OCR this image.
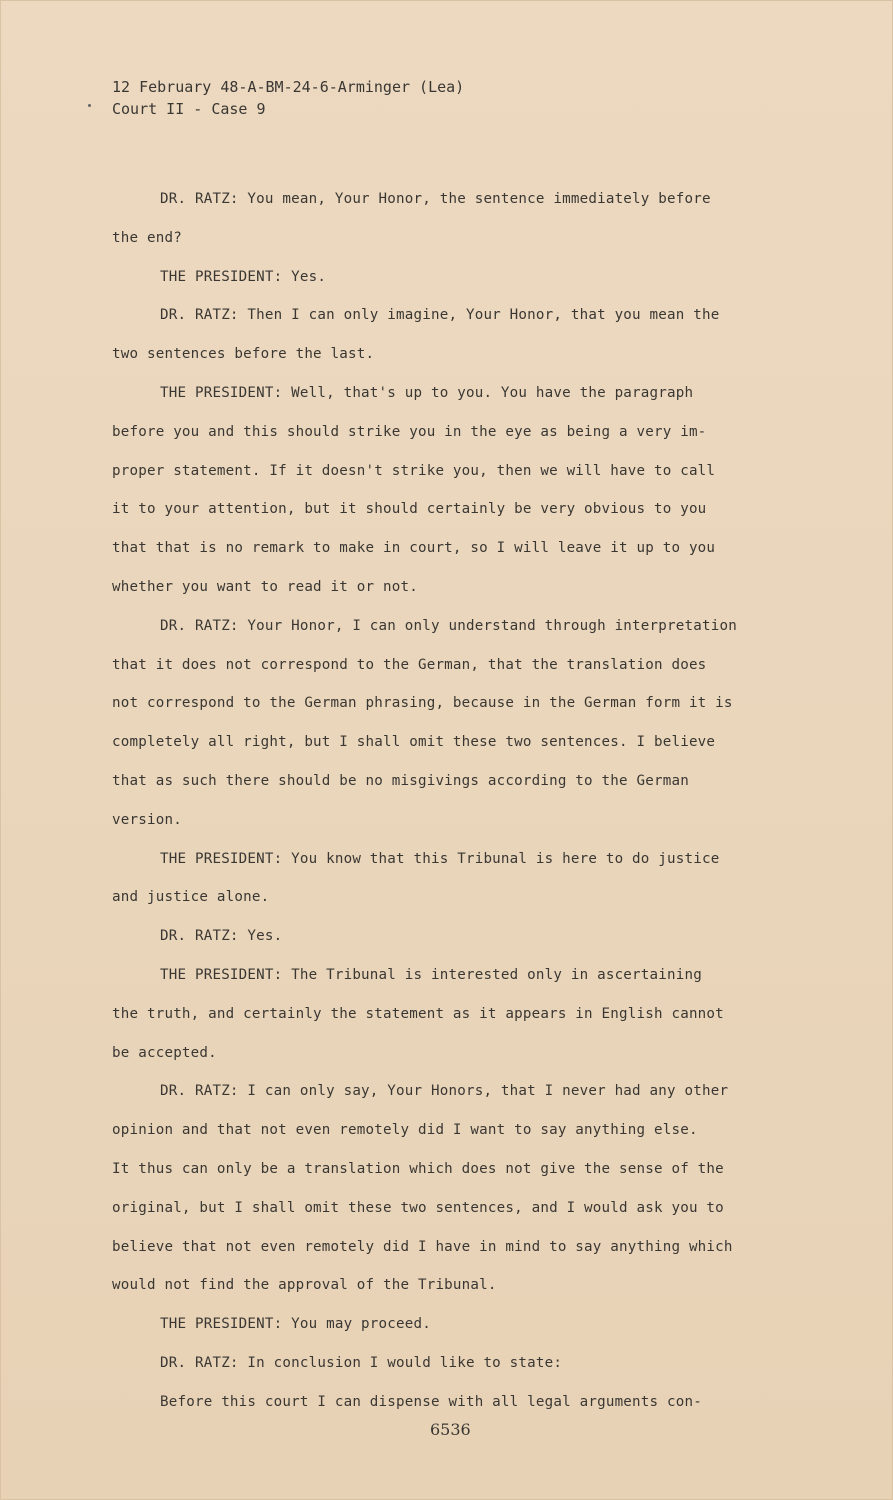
12 February 48-A-BM-24-6-Arminger (Lea)
Court II - Case 9
DR. RATZ: You mean, Your Honor, the sentence immediately before
the end?
THE PRESIDENT: Yes.
DR. RATZ: Then I can only imagine, Your Honor, that you mean the
two sentences before the last.
THE PRESIDENT: Well, that's up to you. You have the paragraph
before you and this should strike you in the eye as being a very im-
proper statement. If it doesn't strike you, then we will have to call
it to your attention, but it should certainly be very obvious to you
that that is no remark to make in court, so I will leave it up to you
whether you want to read it or not.
DR. RATZ: Your Honor, I can only understand through interpretation
that it does not correspond to the German, that the translation does
not correspond to the German phrasing, because in the German form it is
completely all right, but I shall omit these two sentences. I believe
that as such there should be no misgivings according to the German
version.
THE PRESIDENT: You know that this Tribunal is here to do justice
and justice alone.
DR. RATZ: Yes.
THE PRESIDENT: The Tribunal is interested only in ascertaining
the truth, and certainly the statement as it appears in English cannot
be accepted.
DR. RATZ: I can only say, Your Honors, that I never had any other
opinion and that not even remotely did I want to say anything else.
It thus can only be a translation which does not give the sense of the
original, but I shall omit these two sentences, and I would ask you to
believe that not even remotely did I have in mind to say anything which
would not find the approval of the Tribunal.
THE PRESIDENT: You may proceed.
DR. RATZ: In conclusion I would like to state:
Before this court I can dispense with all legal arguments con-
6536
